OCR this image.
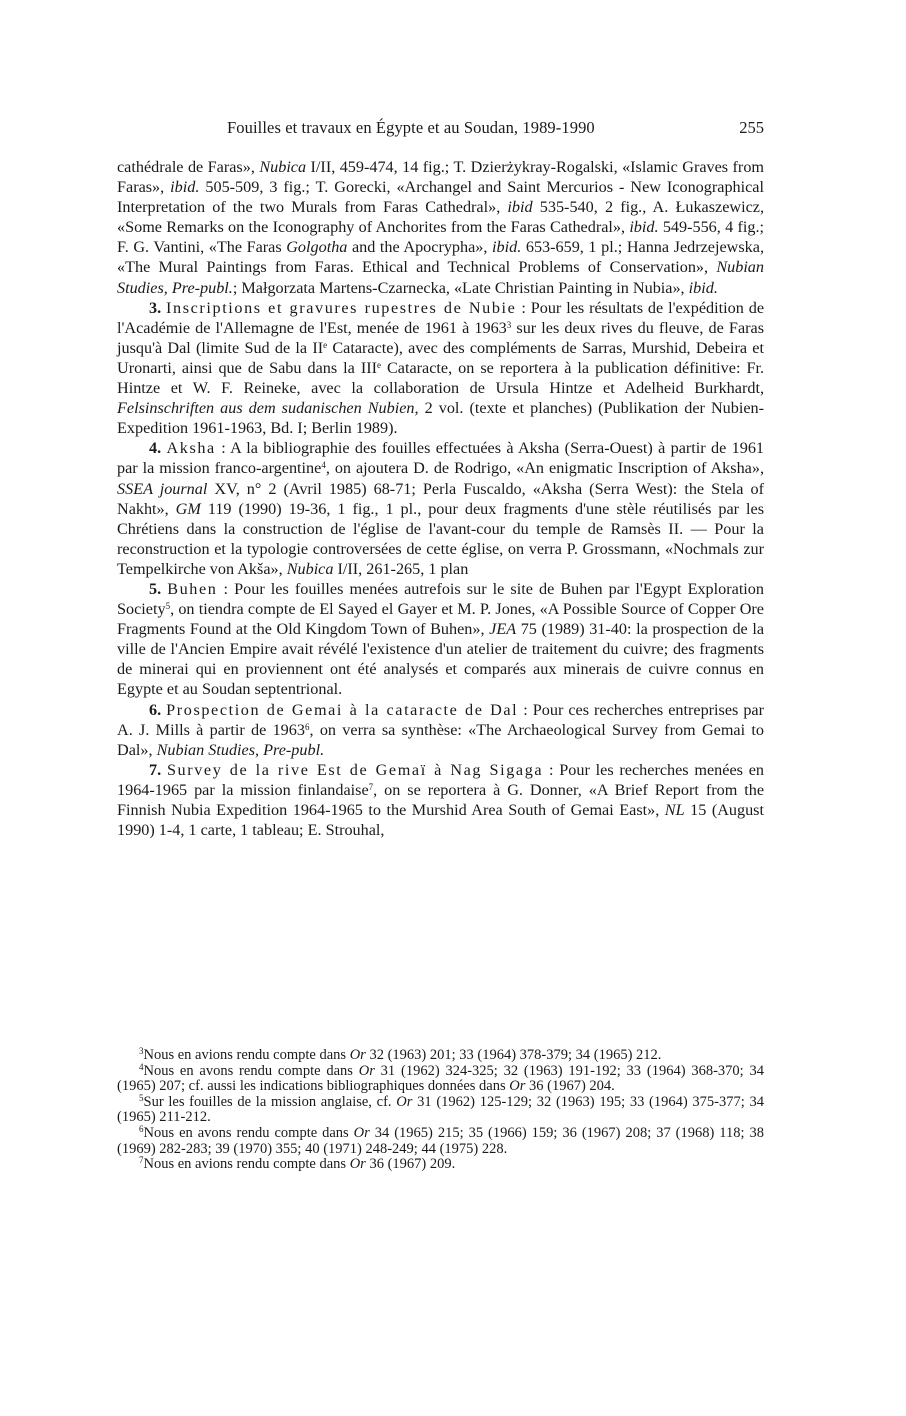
Fouilles et travaux en Égypte et au Soudan, 1989-1990	255

cathédrale de Faras», Nubica I/II, 459-474, 14 fig.; T. Dzierżykray-Rogalski, «Islamic Graves from Faras», ibid. 505-509, 3 fig.; T. Gorecki, «Archangel and Saint Mercurios - New Iconographical Interpretation of the two Murals from Faras Cathedral», ibid 535-540, 2 fig., A. Łukaszewicz, «Some Remarks on the Iconography of Anchorites from the Faras Cathedral», ibid. 549-556, 4 fig.; F. G. Vantini, «The Faras Golgotha and the Apocrypha», ibid. 653-659, 1 pl.; Hanna Jedrzejewska, «The Mural Paintings from Faras. Ethical and Technical Problems of Conservation», Nubian Studies, Pre-publ.; Małgorzata Martens-Czarnecka, «Late Christian Painting in Nubia», ibid.

3. Inscriptions et gravures rupestres de Nubie : Pour les résultats de l'expédition de l'Académie de l'Allemagne de l'Est, menée de 1961 à 1963$^3$ sur les deux rives du fleuve, de Faras jusqu'à Dal (limite Sud de la IIe Cataracte), avec des compléments de Sarras, Murshid, Debeira et Uronarti, ainsi que de Sabu dans la IIIe Cataracte, on se reportera à la publication définitive: Fr. Hintze et W. F. Reineke, avec la collaboration de Ursula Hintze et Adelheid Burkhardt, Felsinschriften aus dem sudanischen Nubien, 2 vol. (texte et planches) (Publikation der Nubien-Expedition 1961-1963, Bd. I; Berlin 1989).

4. Aksha : A la bibliographie des fouilles effectuées à Aksha (Serra-Ouest) à partir de 1961 par la mission franco-argentine$^4$, on ajoutera D. de Rodrigo, «An enigmatic Inscription of Aksha», SSEA journal XV, n° 2 (Avril 1985) 68-71; Perla Fuscaldo, «Aksha (Serra West): the Stela of Nakht», GM 119 (1990) 19-36, 1 fig., 1 pl., pour deux fragments d'une stèle réutilisés par les Chrétiens dans la construction de l'église de l'avant-cour du temple de Ramsès II. — Pour la reconstruction et la typologie controversées de cette église, on verra P. Grossmann, «Nochmals zur Tempelkirche von Akša», Nubica I/II, 261-265, 1 plan

5. Buhen : Pour les fouilles menées autrefois sur le site de Buhen par l'Egypt Exploration Society$^5$, on tiendra compte de El Sayed el Gayer et M. P. Jones, «A Possible Source of Copper Ore Fragments Found at the Old Kingdom Town of Buhen», JEA 75 (1989) 31-40: la prospection de la ville de l'Ancien Empire avait révélé l'existence d'un atelier de traitement du cuivre; des fragments de minerai qui en proviennent ont été analysés et comparés aux minerais de cuivre connus en Egypte et au Soudan septentrional.

6. Prospection de Gemai à la cataracte de Dal : Pour ces recherches entreprises par A. J. Mills à partir de 1963$^6$, on verra sa synthèse: «The Archaeological Survey from Gemai to Dal», Nubian Studies, Pre-publ.

7. Survey de la rive Est de Gemaï à Nag Sigaga : Pour les recherches menées en 1964-1965 par la mission finlandaise$^7$, on se reportera à G. Donner, «A Brief Report from the Finnish Nubia Expedition 1964-1965 to the Murshid Area South of Gemai East», NL 15 (August 1990) 1-4, 1 carte, 1 tableau; E. Strouhal,

$^3$Nous en avions rendu compte dans Or 32 (1963) 201; 33 (1964) 378-379; 34 (1965) 212.

$^4$Nous en avons rendu compte dans Or 31 (1962) 324-325; 32 (1963) 191-192; 33 (1964) 368-370; 34 (1965) 207; cf. aussi les indications bibliographiques données dans Or 36 (1967) 204.

$^5$Sur les fouilles de la mission anglaise, cf. Or 31 (1962) 125-129; 32 (1963) 195; 33 (1964) 375-377; 34 (1965) 211-212.

$^6$Nous en avons rendu compte dans Or 34 (1965) 215; 35 (1966) 159; 36 (1967) 208; 37 (1968) 118; 38 (1969) 282-283; 39 (1970) 355; 40 (1971) 248-249; 44 (1975) 228.

$^7$Nous en avions rendu compte dans Or 36 (1967) 209.
